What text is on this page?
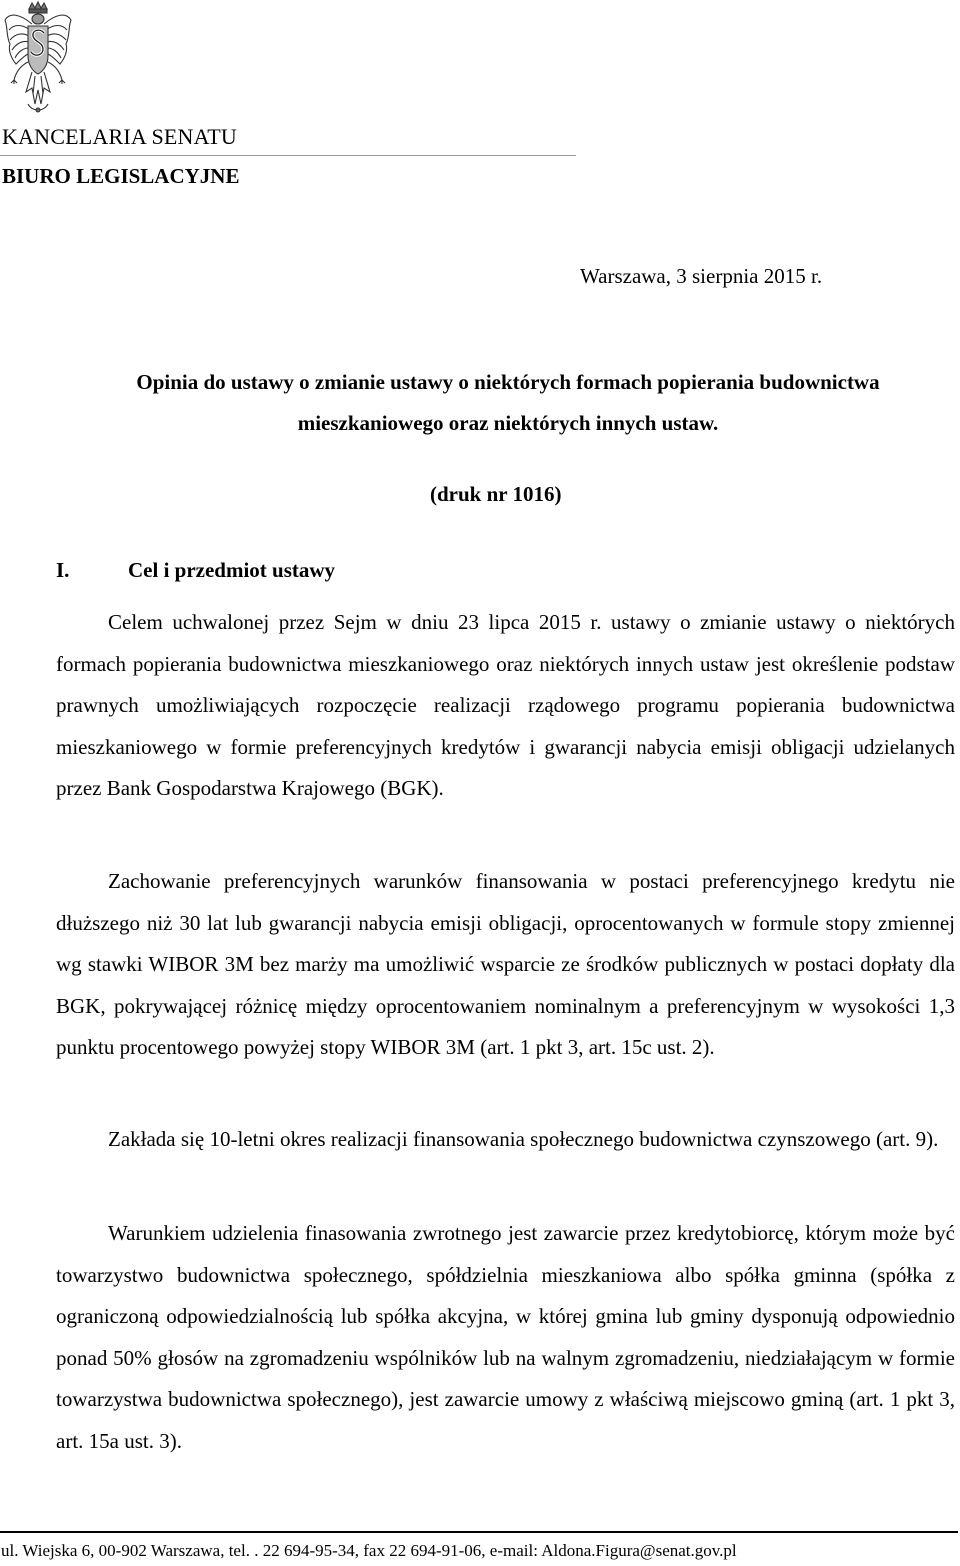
KANCELARIA SENATU
BIURO LEGISLACYJNE
Warszawa, 3 sierpnia 2015 r.
Opinia do ustawy o zmianie ustawy o niektórych formach popierania budownictwa
mieszkaniowego oraz niektórych innych ustaw.
(druk nr 1016)
I.	Cel i przedmiot ustawy

Celem uchwalonej przez Sejm w dniu 23 lipca 2015 r. ustawy o zmianie ustawy o niektórych formach popierania budownictwa mieszkaniowego oraz niektórych innych ustaw jest określenie podstaw prawnych umożliwiających rozpoczęcie realizacji rządowego programu popierania budownictwa mieszkaniowego w formie preferencyjnych kredytów i gwarancji nabycia emisji obligacji udzielanych przez Bank Gospodarstwa Krajowego (BGK).

Zachowanie preferencyjnych warunków finansowania w postaci preferencyjnego kredytu nie dłuższego niż 30 lat lub gwarancji nabycia emisji obligacji, oprocentowanych w formule stopy zmiennej wg stawki WIBOR 3M bez marży ma umożliwić wsparcie ze środków publicznych w postaci dopłaty dla BGK, pokrywającej różnicę między oprocentowaniem nominalnym a preferencyjnym w wysokości 1,3 punktu procentowego powyżej stopy WIBOR 3M (art. 1 pkt 3, art. 15c ust. 2).

Zakłada się 10-letni okres realizacji finansowania społecznego budownictwa czynszowego (art. 9).

Warunkiem udzielenia finasowania zwrotnego jest zawarcie przez kredytobiorcę, którym może być towarzystwo budownictwa społecznego, spółdzielnia mieszkaniowa albo spółka gminna (spółka z ograniczoną odpowiedzialnością lub spółka akcyjna, w której gmina lub gminy dysponują odpowiednio ponad 50% głosów na zgromadzeniu wspólników lub na walnym zgromadzeniu, niedziałającym w formie towarzystwa budownictwa społecznego), jest zawarcie umowy z właściwą miejscowo gminą (art. 1 pkt 3, art. 15a ust. 3).

ul. Wiejska 6, 00-902 Warszawa, tel. . 22 694-95-34, fax 22 694-91-06, e-mail: Aldona.Figura@senat.gov.pl
